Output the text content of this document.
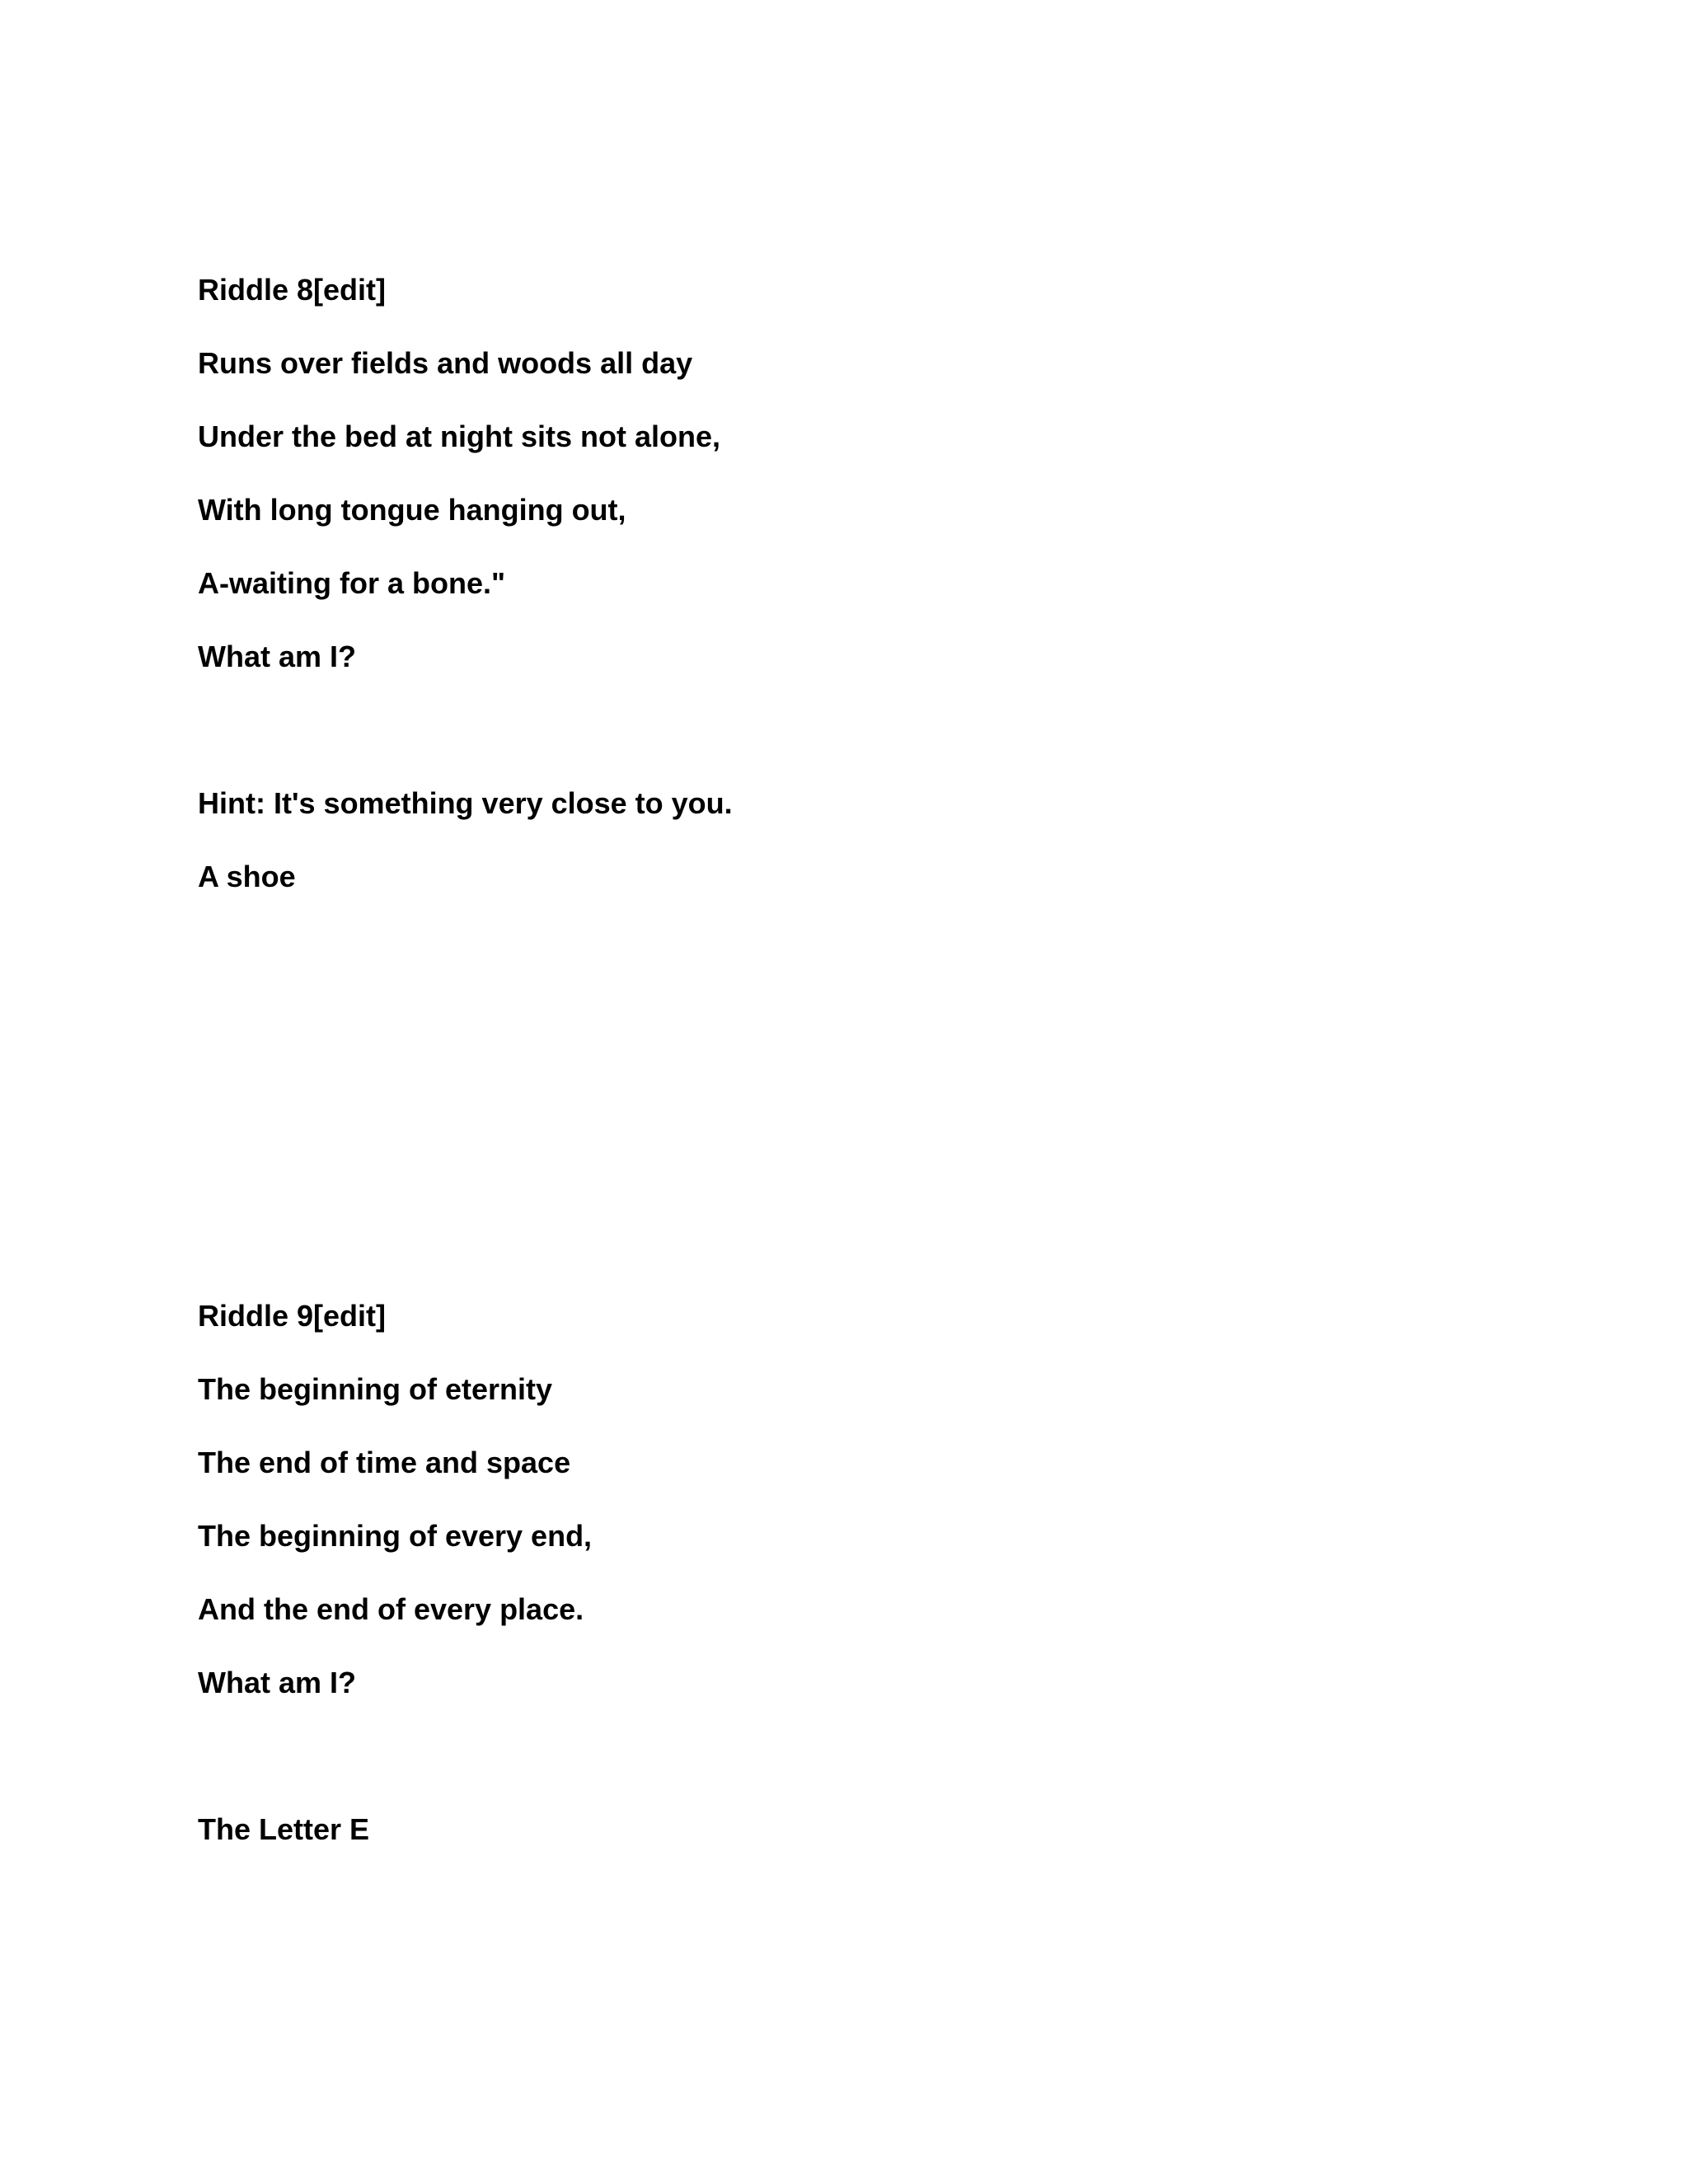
Riddle 8[edit]
Runs over fields and woods all day
Under the bed at night sits not alone,
With long tongue hanging out,
A-waiting for a bone."
What am I?
Hint: It's something very close to you.
A shoe
Riddle 9[edit]
The beginning of eternity
The end of time and space
The beginning of every end,
And the end of every place.
What am I?
The Letter E
